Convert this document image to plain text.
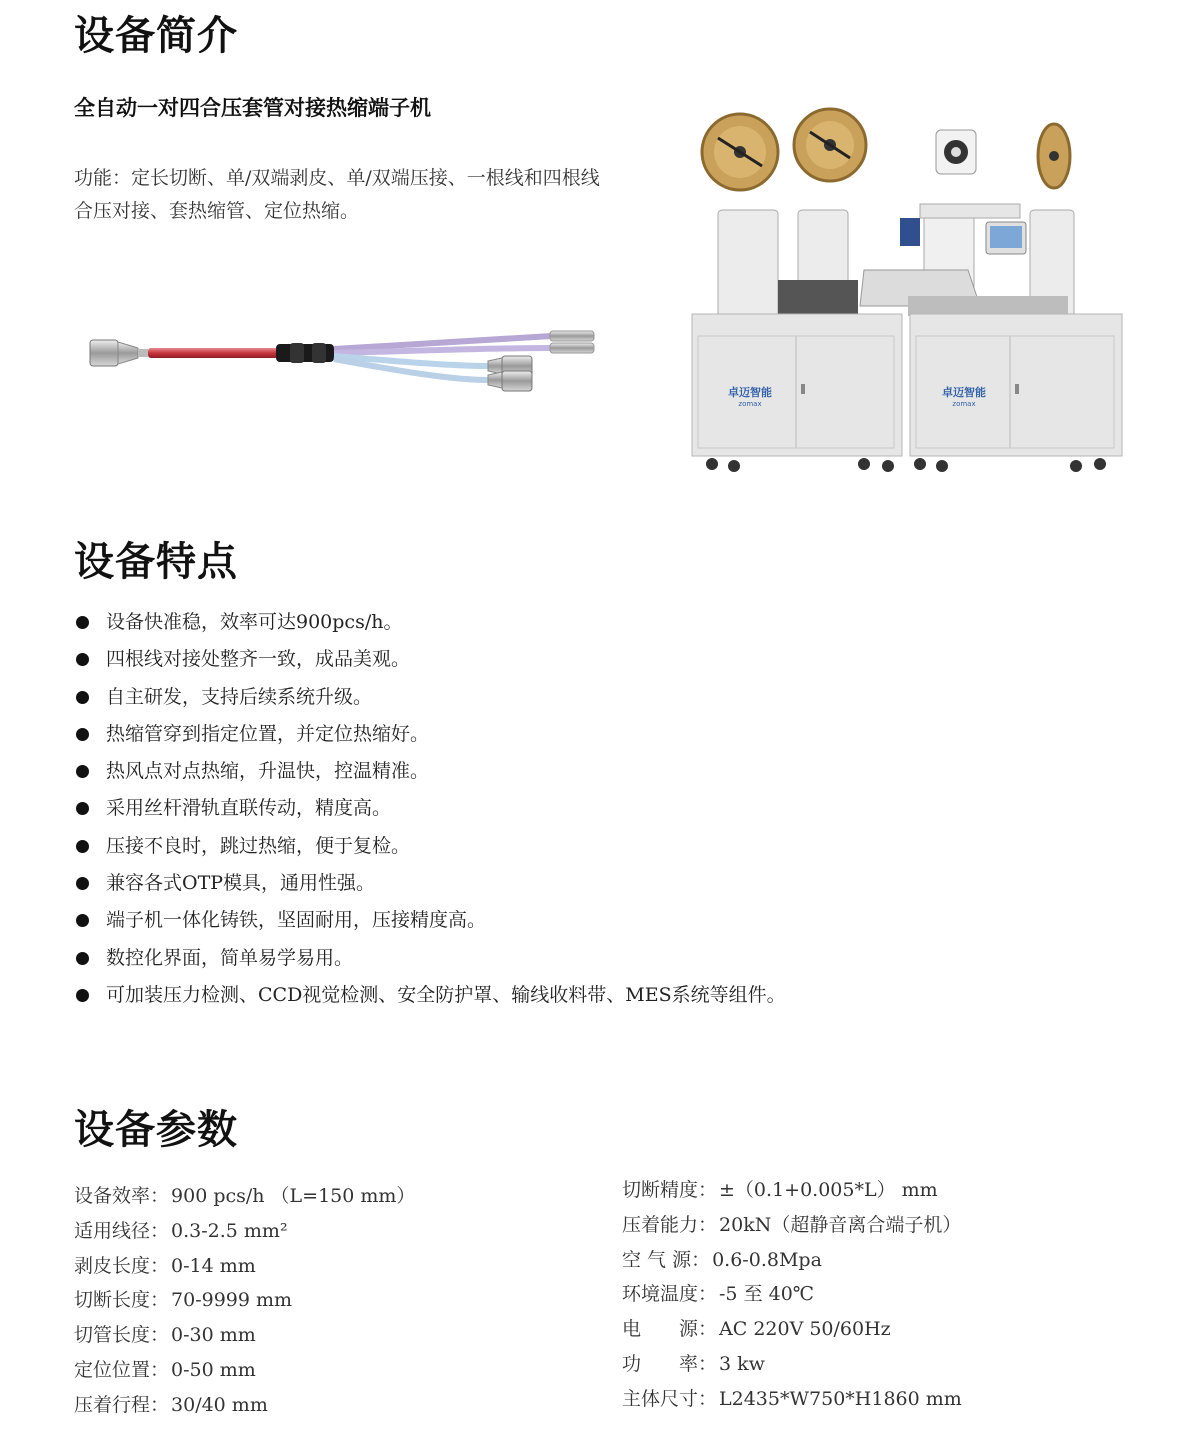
设备简介

全自动一对四合压套管对接热缩端子机

功能：定长切断、单/双端剥皮、单/双端压接、一根线和四根线合压对接、套热缩管、定位热缩。

卓迈智能
zomax
卓迈智能
zomax
设备特点
设备快准稳，效率可达900pcs/h。
四根线对接处整齐一致，成品美观。
自主研发，支持后续系统升级。
热缩管穿到指定位置，并定位热缩好。
热风点对点热缩，升温快，控温精准。
采用丝杆滑轨直联传动，精度高。
压接不良时，跳过热缩，便于复检。
兼容各式OTP模具，通用性强。
端子机一体化铸铁，坚固耐用，压接精度高。
数控化界面，简单易学易用。
可加装压力检测、CCD视觉检测、安全防护罩、输线收料带、MES系统等组件。
设备参数
设备效率： 900 pcs/h （L=150 mm）
适用线径： 0.3-2.5 mm²
剥皮长度： 0-14 mm
切断长度： 70-9999 mm
切管长度： 0-30 mm
定位位置： 0-50 mm
压着行程： 30/40 mm
切断精度： ±（0.1+0.005*L） mm
压着能力： 20kN（超静音离合端子机）
空 气 源： 0.6-0.8Mpa
环境温度： -5 至 40℃
电　　源： AC 220V 50/60Hz
功　　率： 3 kw
主体尺寸： L2435*W750*H1860 mm
